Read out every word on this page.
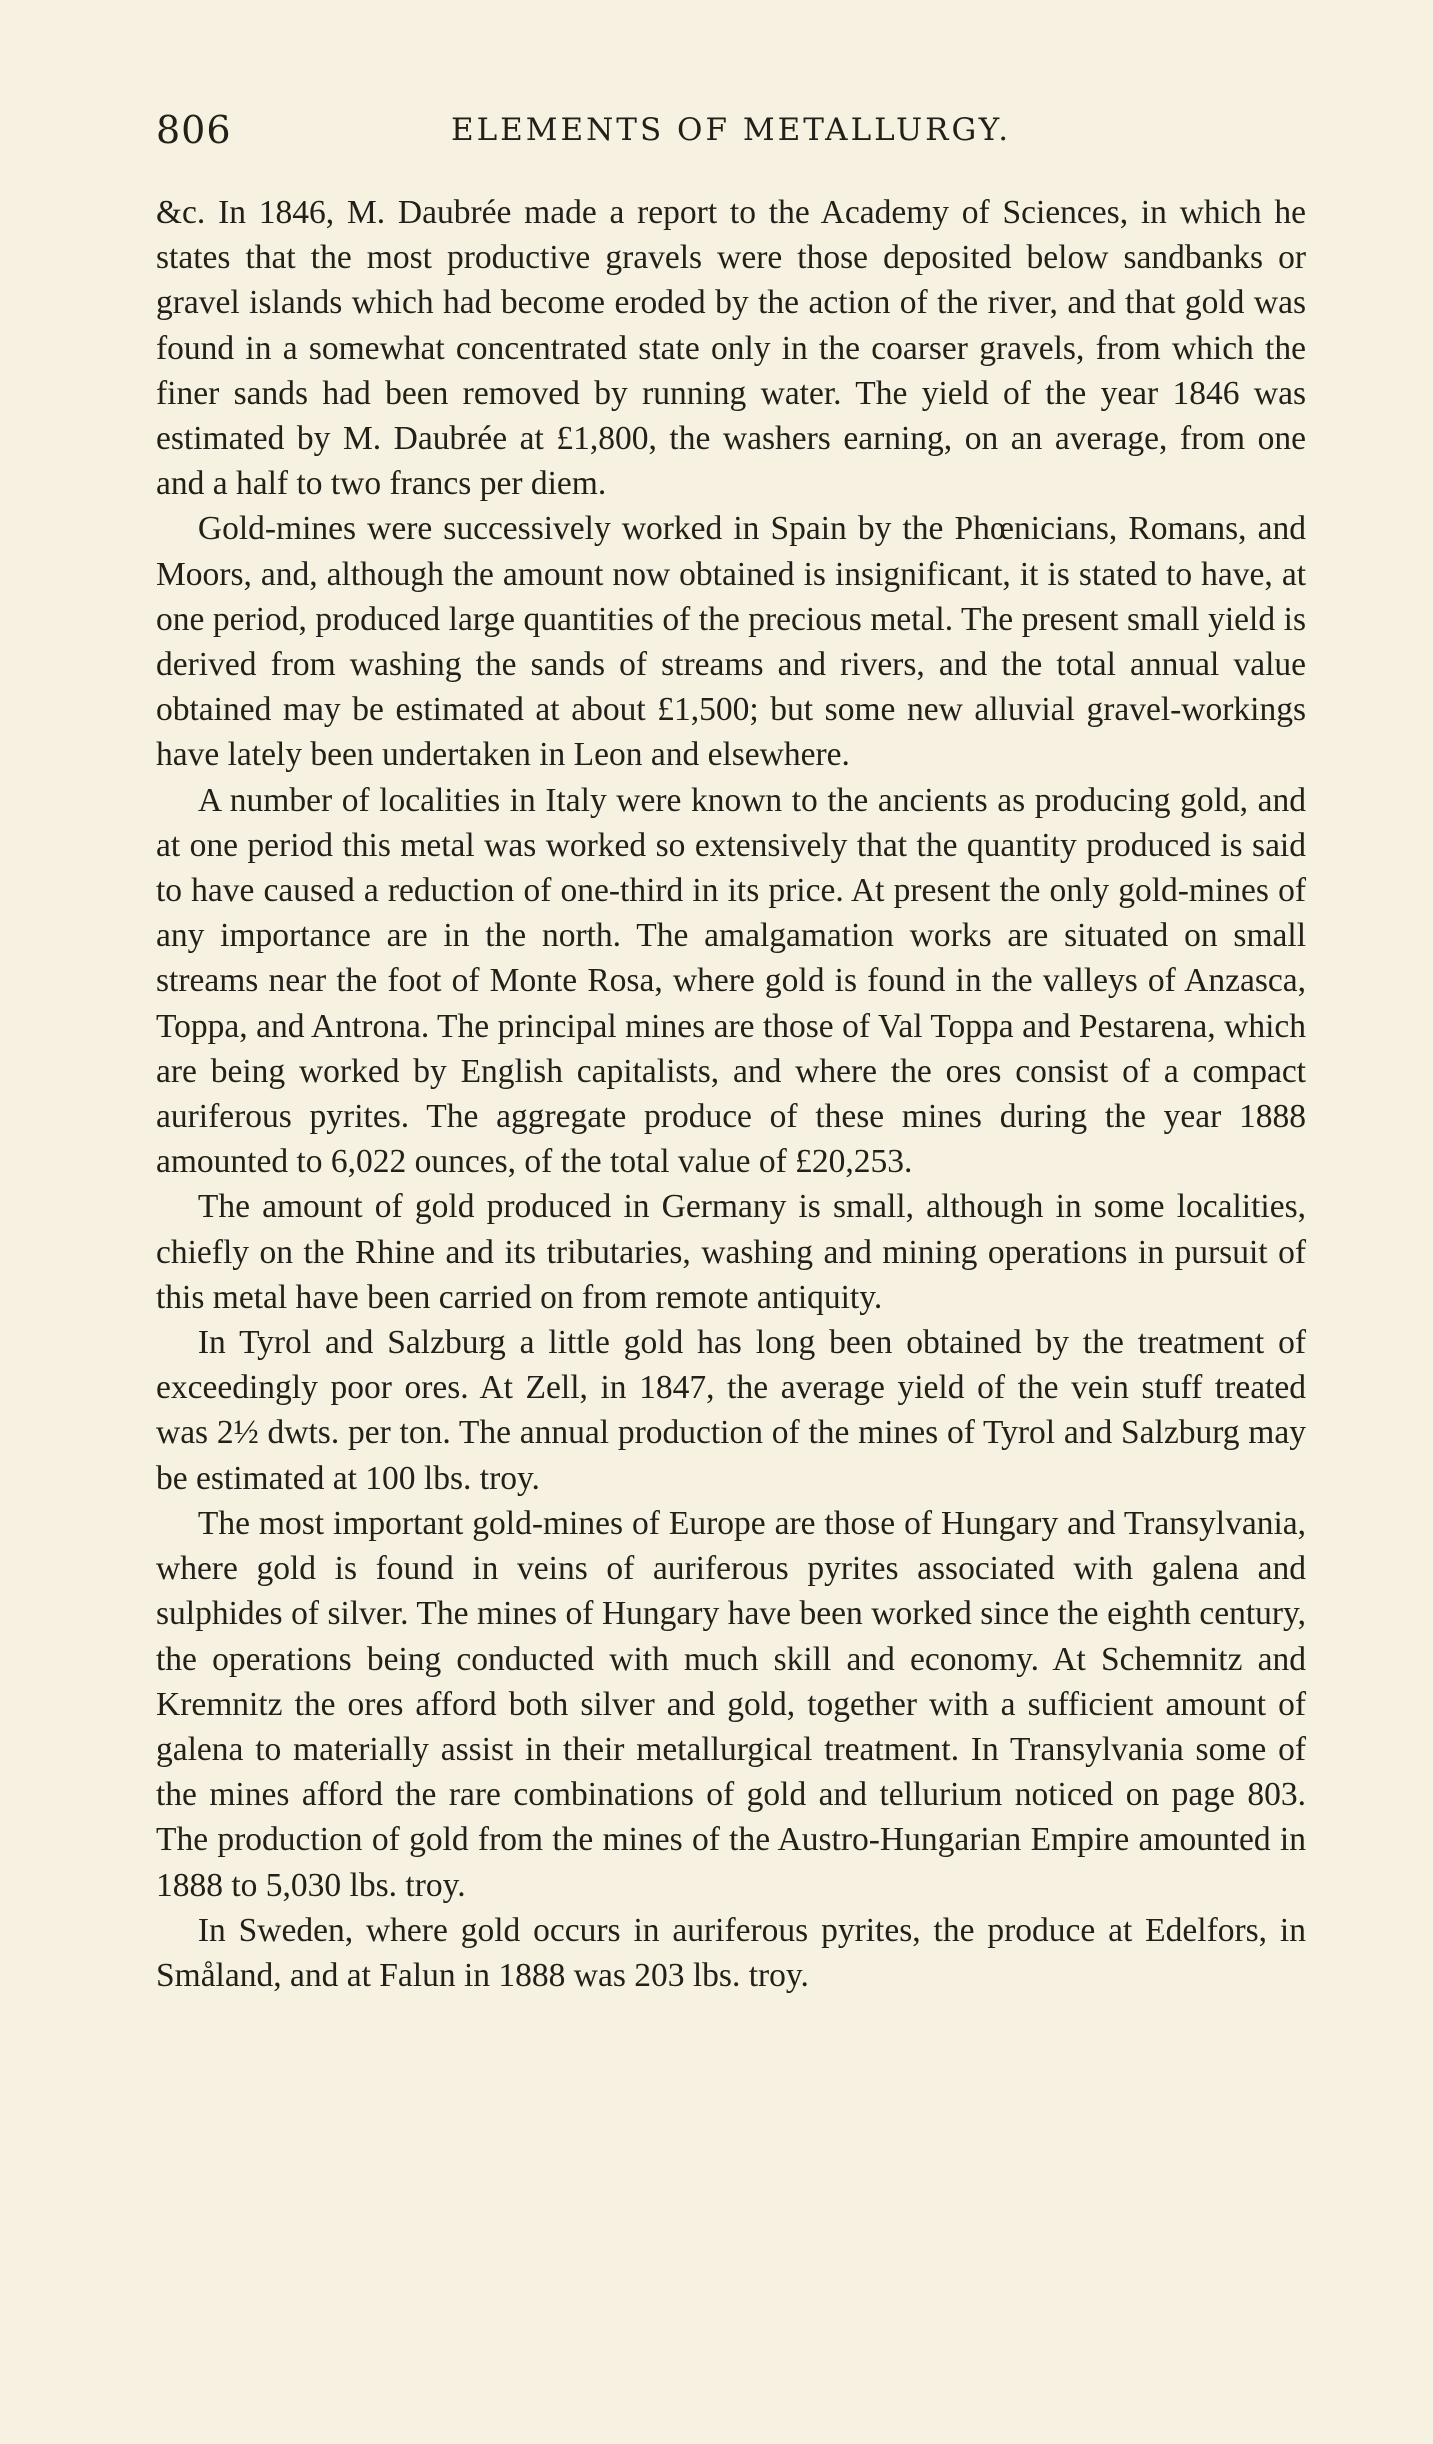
806	ELEMENTS OF METALLURGY.

&c. In 1846, M. Daubrée made a report to the Academy of Sciences, in which he states that the most productive gravels were those deposited below sandbanks or gravel islands which had become eroded by the action of the river, and that gold was found in a somewhat concentrated state only in the coarser gravels, from which the finer sands had been removed by running water. The yield of the year 1846 was estimated by M. Daubrée at £1,800, the washers earning, on an average, from one and a half to two francs per diem.

Gold-mines were successively worked in Spain by the Phœnicians, Romans, and Moors, and, although the amount now obtained is insignificant, it is stated to have, at one period, produced large quantities of the precious metal. The present small yield is derived from washing the sands of streams and rivers, and the total annual value obtained may be estimated at about £1,500; but some new alluvial gravel-workings have lately been undertaken in Leon and elsewhere.

A number of localities in Italy were known to the ancients as producing gold, and at one period this metal was worked so extensively that the quantity produced is said to have caused a reduction of one-third in its price. At present the only gold-mines of any importance are in the north. The amalgamation works are situated on small streams near the foot of Monte Rosa, where gold is found in the valleys of Anzasca, Toppa, and Antrona. The principal mines are those of Val Toppa and Pestarena, which are being worked by English capitalists, and where the ores consist of a compact auriferous pyrites. The aggregate produce of these mines during the year 1888 amounted to 6,022 ounces, of the total value of £20,253.

The amount of gold produced in Germany is small, although in some localities, chiefly on the Rhine and its tributaries, washing and mining operations in pursuit of this metal have been carried on from remote antiquity.

In Tyrol and Salzburg a little gold has long been obtained by the treatment of exceedingly poor ores. At Zell, in 1847, the average yield of the vein stuff treated was 2½ dwts. per ton. The annual production of the mines of Tyrol and Salzburg may be estimated at 100 lbs. troy.

The most important gold-mines of Europe are those of Hungary and Transylvania, where gold is found in veins of auriferous pyrites associated with galena and sulphides of silver. The mines of Hungary have been worked since the eighth century, the operations being conducted with much skill and economy. At Schemnitz and Kremnitz the ores afford both silver and gold, together with a sufficient amount of galena to materially assist in their metallurgical treatment. In Transylvania some of the mines afford the rare combinations of gold and tellurium noticed on page 803. The production of gold from the mines of the Austro-Hungarian Empire amounted in 1888 to 5,030 lbs. troy.

In Sweden, where gold occurs in auriferous pyrites, the produce at Edelfors, in Småland, and at Falun in 1888 was 203 lbs. troy.
